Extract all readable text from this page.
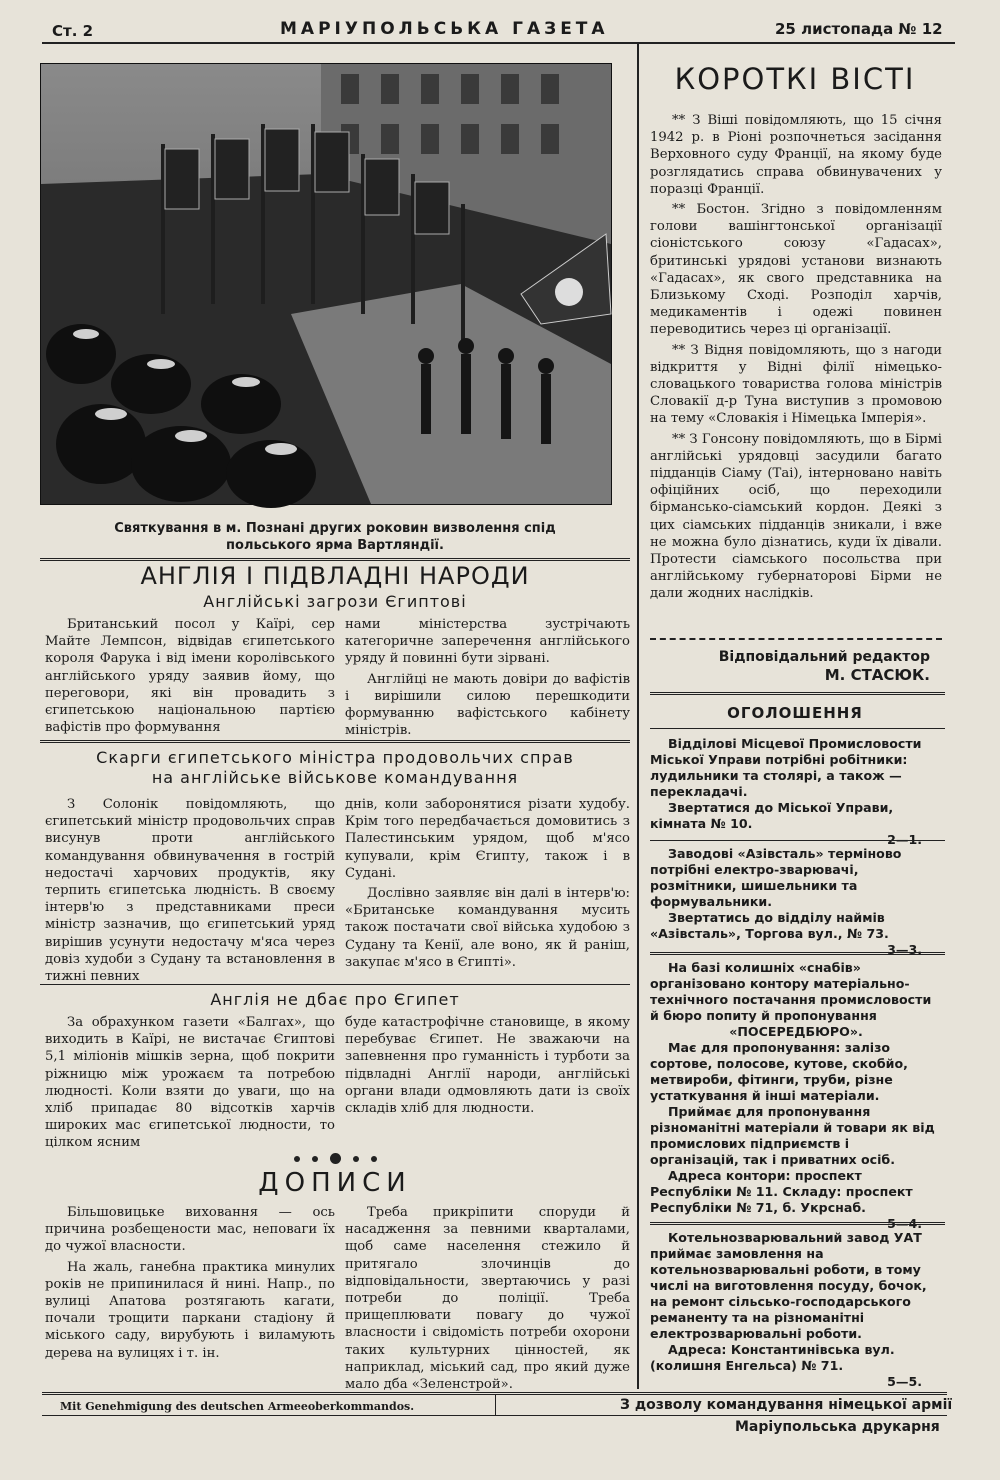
Ст. 2	МАРІУПОЛЬСЬКА ГАЗЕТА	25 листопада № 12
Святкування в м. Познані других роковин визволення спід
польського ярма Вартляндії.
АНГЛІЯ І ПІДВЛАДНІ НАРОДИ
Англійські загрози Єгиптові

Британський посол у Каїрі, сер Майте Лемпсон, відвідав єгипетського короля Фарука і від імени королівського англійського уряду заявив йому, що переговори, які він провадить з єгипетською національною партією вафістів про формування

нами міністерства зустрічають категоричне заперечення англійського уряду й повинні бути зірвані.

Англійці не мають довіри до вафістів і вирішили силою перешкодити формуванню вафістського кабінету міністрів.

Скарги єгипетського міністра продовольчих справ
на англійське військове командування

З Солонік повідомляють, що єгипетський міністр продовольчих справ висунув проти англійського командування обвинувачення в гострій недостачі харчових продуктів, яку терпить єгипетська людність. В своєму інтерв'ю з представниками преси міністр зазначив, що єгипетський уряд вирішив усунути недостачу м'яса через довіз худоби з Судану та встановлення в тижні певних

днів, коли заборонятися різати худобу. Крім того передбачається домовитись з Палестинським урядом, щоб м'ясо купували, крім Єгипту, також і в Судані.

Дослівно заявляє він далі в інтерв'ю: «Британське командування мусить також постачати свої війська худобою з Судану та Кенії, але воно, як й раніш, закупає м'ясо в Єгипті».

Англія не дбає про Єгипет

За обрахунком газети «Балгах», що виходить в Каїрі, не вистачає Єгиптові 5,1 міліонів мішків зерна, щоб покрити ріжницю між урожаєм та потребою людності. Коли взяти до уваги, що на хліб припадає 80 відсотків харчів широких мас єгипетської людности, то цілком ясним

буде катастрофічне становище, в якому перебуває Єгипет. Не зважаючи на запевнення про гуманність і турботи за підвладні Англії народи, англійські органи влади одмовляють дати із своїх складів хліб для людности.

ДОПИСИ

Більшовицьке виховання — ось причина розбещености мас, неповаги їх до чужої власности.

На жаль, ганебна практика минулих років не припинилася й нині. Напр., по вулиці Апатова розтягають кагати, почали трощити паркани стадіону й міського саду, вирубують і виламують дерева на вулицях і т. ін.

Треба прикріпити споруди й насадження за певними кварталами, щоб саме населення стежило й притягало злочинців до відповідальности, звертаючись у разі потреби до поліції. Треба прищеплювати повагу до чужої власности і свідомість потреби охорони таких культурних цінностей, як наприклад, міський сад, про який дуже мало дба «Зеленстрой».

КОРОТКІ ВІСТІ

** З Віші повідомляють, що 15 січня 1942 р. в Ріоні розпочнеться засідання Верховного суду Франції, на якому буде розглядатись справа обвинувачених у поразці Франції.

** Бостон. Згідно з повідомленням голови вашінгтонської організації сіоністського союзу «Гадасах», бритинські урядові установи визнають «Гадасах», як свого представника на Близькому Сході. Розподіл харчів, медикаментів і одежі повинен переводитись через ці організації.

** З Відня повідомляють, що з нагоди відкриття у Відні філії німецько-словацького товариства голова міністрів Словакії д-р Туна виступив з промовою на тему «Словакія і Німецька Імперія».

** З Гонсону повідомляють, що в Бірмі англійські урядовці засудили багато підданців Сіаму (Таі), інтерновано навіть офіційних осіб, що переходили бірмансько-сіамський кордон. Деякі з цих сіамських підданців зникали, і вже не можна було дізнатись, куди їх дівали. Протести сіамського посольства при англійському губернаторові Бірми не дали жодних наслідків.

Відповідальний редактор
М. СТАСЮК.
ОГОЛОШЕННЯ

Відділові Місцевої Промисловости Міської Управи потрібні робітники: лудильники та столярі, а також — перекладачі.

Звертатися до Міської Управи, кімната № 10.

2—1.

Заводові «Азівсталь» терміново потрібні електро-зварювачі, розмітники, шишельники та формувальники.

Звертатись до відділу наймів «Азівсталь», Торгова вул., № 73.

3—3.

На базі колишніх «снабів» організовано контору матеріально-технічного постачання промисловости й бюро попиту й пропонування

«ПОСЕРЕДБЮРО».

Має для пропонування: залізо сортове, полосове, кутове, скобйо, метвироби, фітинги, труби, різне устаткування й інші матеріали.

Приймає для пропонування різноманітні матеріали й товари як від промислових підприємств і організацій, так і приватних осіб.

Адреса контори: проспект Республіки № 11. Складу: проспект Республіки № 71, б. Укрснаб.

5—4.

Котельнозварювальний завод УАТ приймає замовлення на котельнозварювальні роботи, в тому числі на виготовлення посуду, бочок, на ремонт сільсько-господарського реманенту та на різноманітні електрозварювальні роботи.

Адреса: Константинівська вул. (колишня Енгельса) № 71.

5—5.

Mit Genehmigung des deutschen Armeeoberkommandos.	З дозволу командування німецької армії
Маріупольська друкарня
